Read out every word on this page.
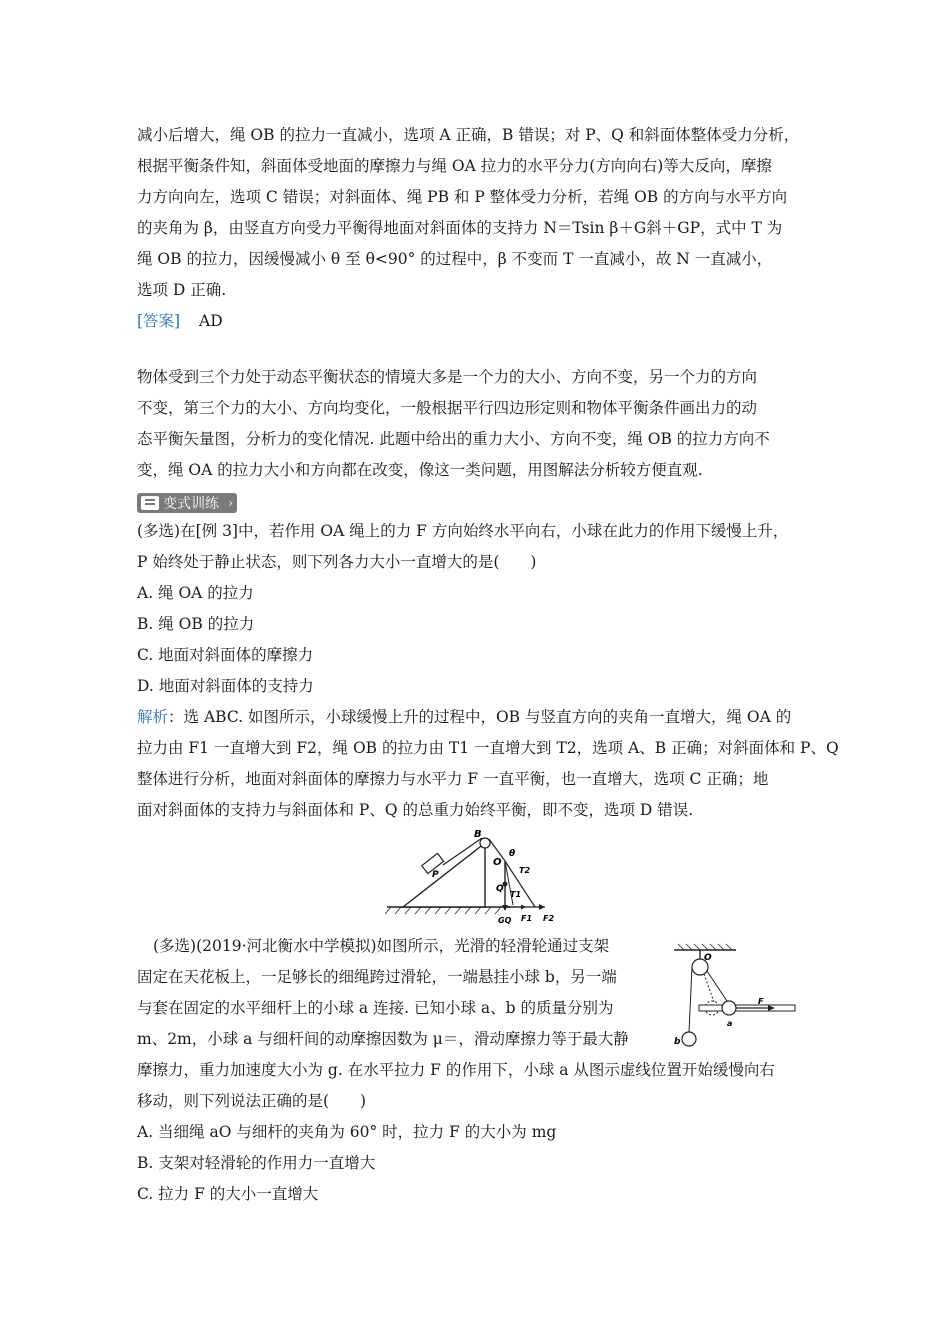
减小后增大，绳 OB 的拉力一直减小，选项 A 正确，B 错误；对 P、Q 和斜面体整体受力分析，
根据平衡条件知，斜面体受地面的摩擦力与绳 OA 拉力的水平分力(方向向右)等大反向，摩擦
力方向向左，选项 C 错误；对斜面体、绳 PB 和 P 整体受力分析，若绳 OB 的方向与水平方向
的夹角为 β，由竖直方向受力平衡得地面对斜面体的支持力 N＝Tsin β＋G斜＋GP，式中 T 为
绳 OB 的拉力，因缓慢减小 θ 至 θ<90° 的过程中，β 不变而 T 一直减小，故 N 一直减小，
选项 D 正确.
[答案] AD
物体受到三个力处于动态平衡状态的情境大多是一个力的大小、方向不变，另一个力的方向
不变，第三个力的大小、方向均变化，一般根据平行四边形定则和物体平衡条件画出力的动
态平衡矢量图，分析力的变化情况. 此题中给出的重力大小、方向不变，绳 OB 的拉力方向不
变，绳 OA 的拉力大小和方向都在改变，像这一类问题，用图解法分析较方便直观.
变式训练 ›
(多选)在[例 3]中，若作用 OA 绳上的力 F 方向始终水平向右，小球在此力的作用下缓慢上升，
P 始终处于静止状态，则下列各力大小一直增大的是(　　)
A. 绳 OA 的拉力
B. 绳 OB 的拉力
C. 地面对斜面体的摩擦力
D. 地面对斜面体的支持力
解析：选 ABC. 如图所示，小球缓慢上升的过程中，OB 与竖直方向的夹角一直增大，绳 OA 的
拉力由 F1 一直增大到 F2，绳 OB 的拉力由 T1 一直增大到 T2，选项 A、B 正确；对斜面体和 P、Q
整体进行分析，地面对斜面体的摩擦力与水平力 F 一直平衡，也一直增大，选项 C 正确；地
面对斜面体的支持力与斜面体和 P、Q 的总重力始终平衡，即不变，选项 D 错误.
B
P
O
θ
T2
Q
T1
GQ F1 F2
(多选)(2019·河北衡水中学模拟)如图所示，光滑的轻滑轮通过支架
固定在天花板上，一足够长的细绳跨过滑轮，一端悬挂小球 b，另一端
与套在固定的水平细杆上的小球 a 连接. 已知小球 a、b 的质量分别为
m、2m，小球 a 与细杆间的动摩擦因数为 μ＝，滑动摩擦力等于最大静
摩擦力，重力加速度大小为 g. 在水平拉力 F 的作用下，小球 a 从图示虚线位置开始缓慢向右
移动，则下列说法正确的是(　　)
A. 当细绳 aO 与细杆的夹角为 60° 时，拉力 F 的大小为 mg
B. 支架对轻滑轮的作用力一直增大
C. 拉力 F 的大小一直增大
O
b
a
F
